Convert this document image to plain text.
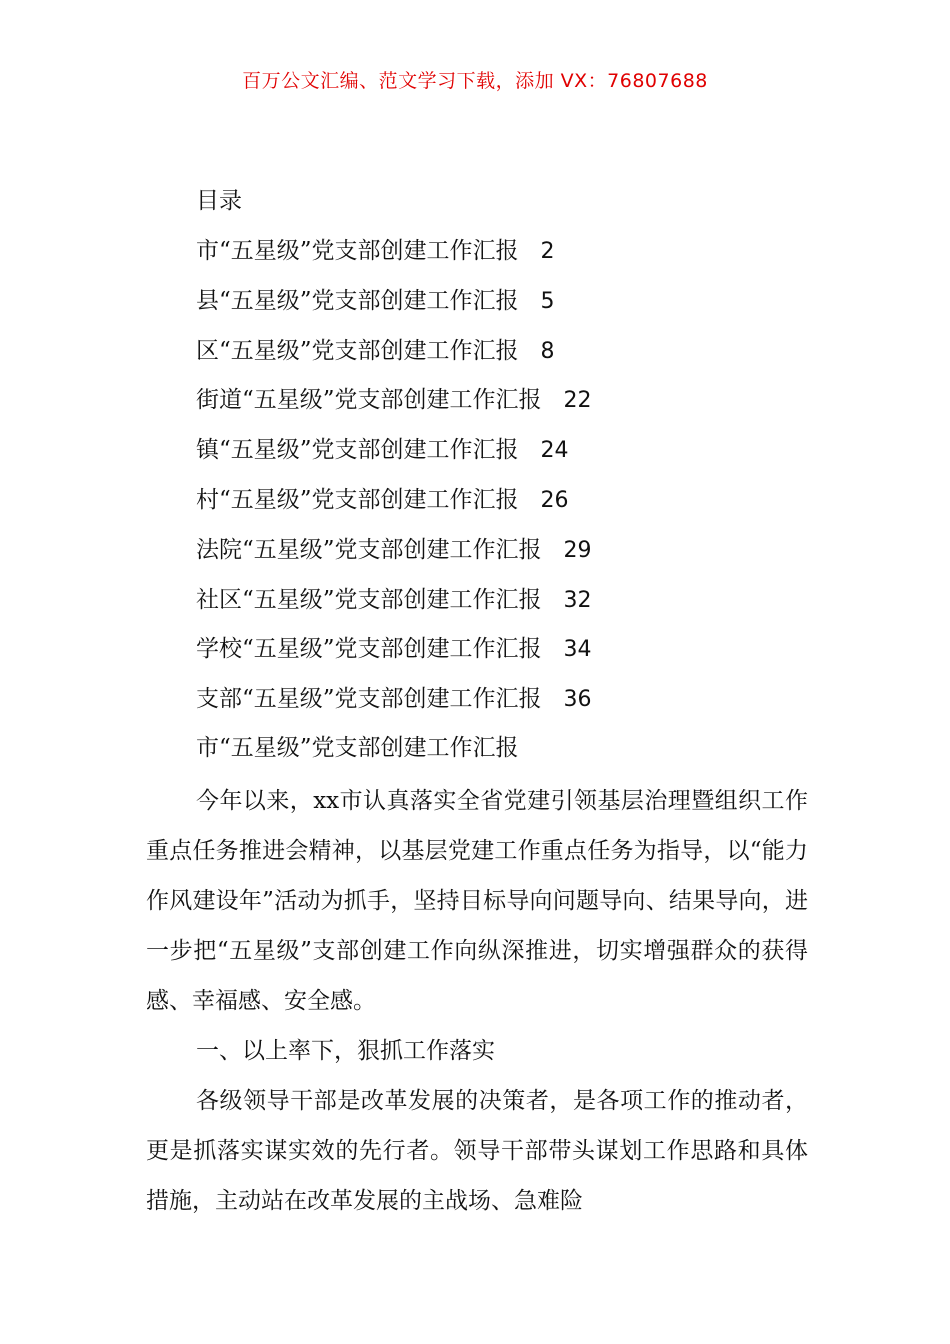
百万公文汇编、范文学习下载，添加 VX：76807688
目录
市“五星级”党支部创建工作汇报 2
县“五星级”党支部创建工作汇报 5
区“五星级”党支部创建工作汇报 8
街道“五星级”党支部创建工作汇报 22
镇“五星级”党支部创建工作汇报 24
村“五星级”党支部创建工作汇报 26
法院“五星级”党支部创建工作汇报 29
社区“五星级”党支部创建工作汇报 32
学校“五星级”党支部创建工作汇报 34
支部“五星级”党支部创建工作汇报 36
市“五星级”党支部创建工作汇报

今年以来，xx市认真落实全省党建引领基层治理暨组织工作重点任务推进会精神，以基层党建工作重点任务为指导，以“能力作风建设年”活动为抓手，坚持目标导向问题导向、结果导向，进一步把“五星级”支部创建工作向纵深推进，切实增强群众的获得感、幸福感、安全感。

一、以上率下，狠抓工作落实

各级领导干部是改革发展的决策者，是各项工作的推动者，更是抓落实谋实效的先行者。领导干部带头谋划工作思路和具体措施，主动站在改革发展的主战场、急难险
